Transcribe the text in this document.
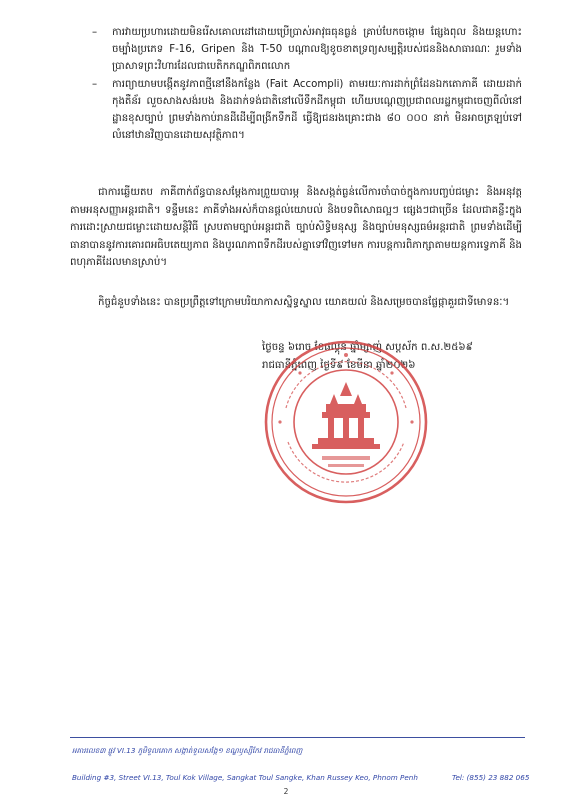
– ការវាយប្រហារដោយមិនរើសគោលដៅដោយប្រើប្រាស់អាវុធធុនធ្ងន់ គ្រាប់បែកចង្កោម ផ្សែងពុល និងយន្តហោះចម្បាំងប្រភេទ F-16, Gripen និង T-50 បណ្តាលឱ្យខូចខាតទ្រព្យសម្បត្តិរបស់ជននិងសាធារណៈ រួមទាំងប្រាសាទព្រះវិហារដែលជាបេតិកភណ្ឌពិភពលោក
– ការព្យាយាមបង្កើតនូវភាពថ្មីនៅនឹងកន្លែង (Fait Accompli) តាមរយៈការដាក់ព្រំដែនឯកតោភាគី ដោយដាក់កុងតឺន័រ លួចសាងសង់របង និងដាក់ទង់ជាតិនៅលើទឹកដីកម្ពុជា ហើយបណ្តេញប្រជាពលរដ្ឋកម្ពុជាចេញពីលំនៅដ្ឋានខុសច្បាប់ ព្រមទាំងកាប់រានដីដើម្បីពង្រីកទឹកដី ធ្វើឱ្យជនរងគ្រោះជាង ៨០ ០០០ នាក់ មិនអាចត្រឡប់ទៅលំនៅឋានវិញបានដោយសុវត្ថិភាព។

ជាការឆ្លើយតប ភាគីពាក់ព័ន្ធបានសម្តែងការព្រួយបារម្ភ និងសង្កត់ធ្ងន់លើការចាំបាច់ក្នុងការបញ្ចប់ជម្លោះ និងអនុវត្តតាមអនុសញ្ញាអន្តរជាតិ។ ទន្ទឹមនេះ ភាគីទាំងអស់ក៏បានផ្តល់យោបល់ និងបទពិសោធល្អៗ ផ្សេងៗជាច្រើន ដែលជាគន្លឹះក្នុងការដោះស្រាយជម្លោះដោយសន្តិវិធី ស្របតាមច្បាប់អន្តរជាតិ ច្បាប់សិទ្ធិមនុស្ស និងច្បាប់មនុស្សធម៌អន្តរជាតិ ព្រមទាំងដើម្បីធានាបាននូវការគោរពអធិបតេយ្យភាព និងបូរណភាពទឹកដីរបស់គ្នាទៅវិញទៅមក ការបន្តការពិភាក្សាតាមយន្តការទ្វេភាគី និងពហុភាគីដែលមានស្រាប់។

កិច្ចជំនួបទាំងនេះ បានប្រព្រឹត្តទៅក្រោមបរិយាកាសស្និទ្ធស្នាល យោគយល់ និងសម្រេចបានផ្លែផ្កាគួរជាទីមោទនៈ។

ថ្ងៃចន្ទ ៦រោច ខែផល្គុន ឆ្នាំម្សាញ់ សប្តស័ក ព.ស.២៥៦៩
រាជធានីភ្នំពេញ ថ្ងៃទី៩ ខែមីនា ឆ្នាំ២០២៦
អគារលេខ៣ ផ្លូវ VI.13 ភូមិទួលគោក សង្កាត់ទួលសង្កែ១ ខណ្ឌឫស្សីកែវ រាជធានីភ្នំពេញ
Building #3, Street VI.13, Toul Kok Village, Sangkat Toul Sangke, Khan Russey Keo, Phnom Penh	Tel: (855) 23 882 065
2
